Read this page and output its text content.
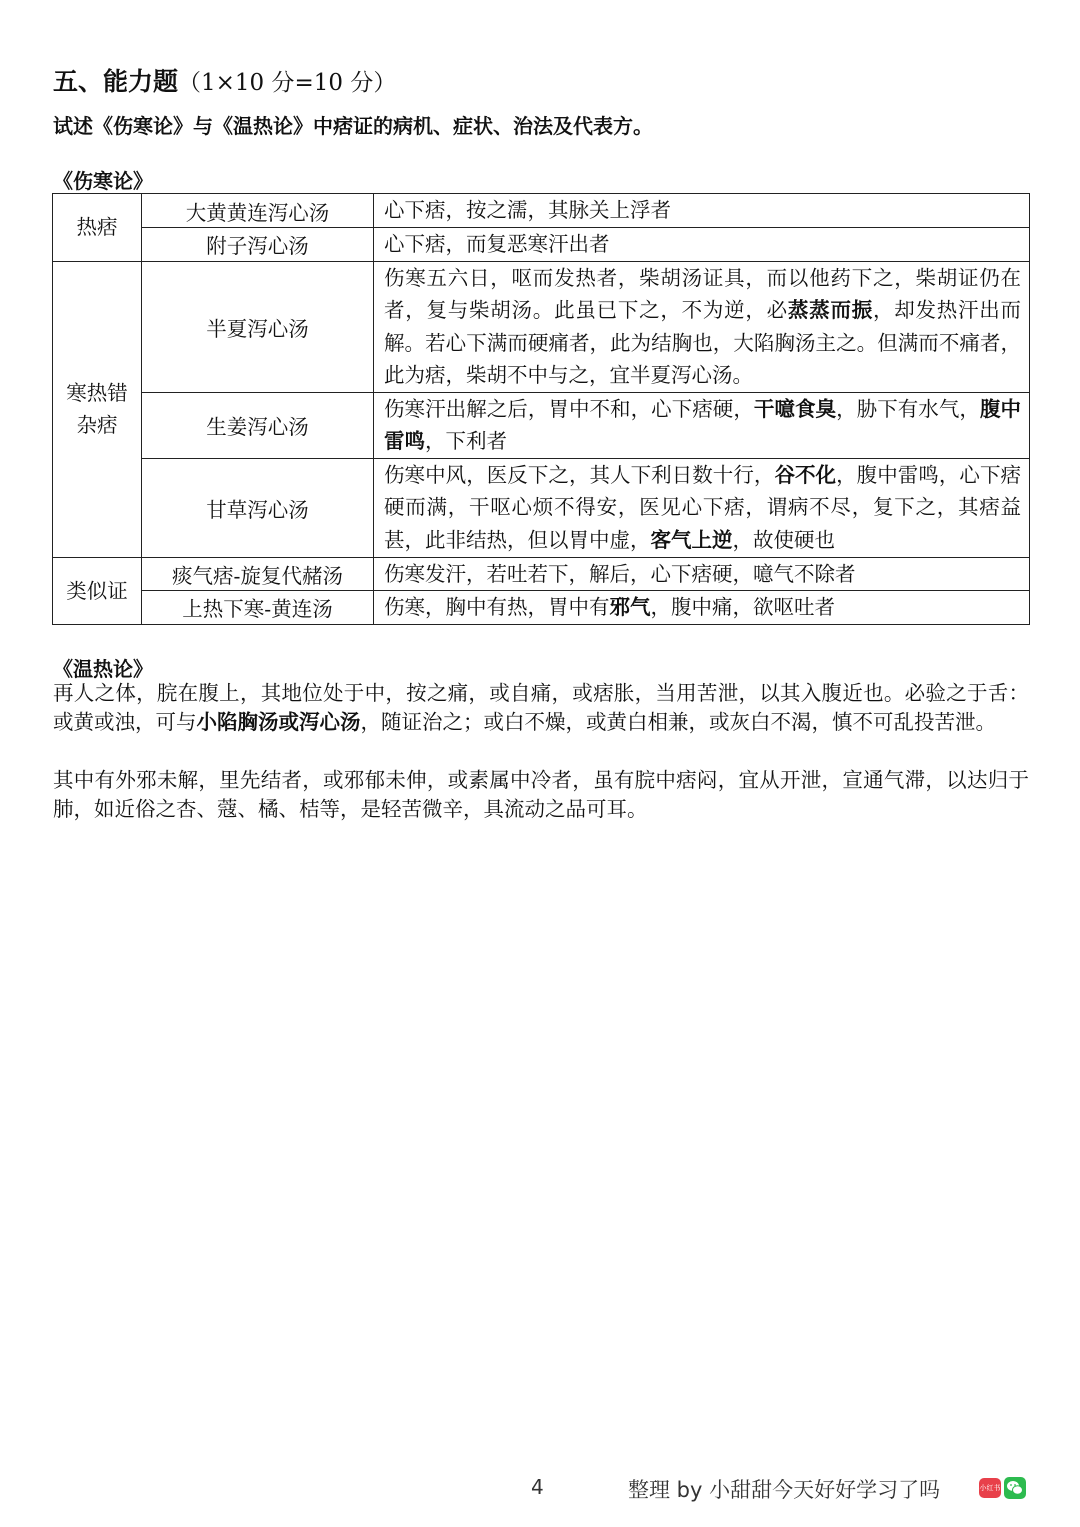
五、能力题（1×10 分=10 分）
试述《伤寒论》与《温热论》中痞证的病机、症状、治法及代表方。
《伤寒论》
热痞	大黄黄连泻心汤	心下痞，按之濡，其脉关上浮者
	附子泻心汤	心下痞，而复恶寒汗出者
寒热错杂痞	半夏泻心汤	伤寒五六日，呕而发热者，柴胡汤证具，而以他药下之，柴胡证仍在者，复与柴胡汤。此虽已下之，不为逆，必蒸蒸而振，却发热汗出而解。若心下满而硬痛者，此为结胸也，大陷胸汤主之。但满而不痛者，此为痞，柴胡不中与之，宜半夏泻心汤。
	生姜泻心汤	伤寒汗出解之后，胃中不和，心下痞硬，干噫食臭，胁下有水气，腹中雷鸣，下利者
	甘草泻心汤	伤寒中风，医反下之，其人下利日数十行，谷不化，腹中雷鸣，心下痞硬而满，干呕心烦不得安，医见心下痞，谓病不尽，复下之，其痞益甚，此非结热，但以胃中虚，客气上逆，故使硬也
类似证	痰气痞-旋复代赭汤	伤寒发汗，若吐若下，解后，心下痞硬，噫气不除者
	上热下寒-黄连汤	伤寒，胸中有热，胃中有邪气，腹中痛，欲呕吐者
《温热论》
再人之体，脘在腹上，其地位处于中，按之痛，或自痛，或痞胀，当用苦泄，以其入腹近也。必验之于舌：或黄或浊，可与小陷胸汤或泻心汤，随证治之；或白不燥，或黄白相兼，或灰白不渴，慎不可乱投苦泄。
其中有外邪未解，里先结者，或邪郁未伸，或素属中冷者，虽有脘中痞闷，宜从开泄，宣通气滞，以达归于肺，如近俗之杏、蔻、橘、桔等，是轻苦微辛，具流动之品可耳。
4	整理 by 小甜甜今天好好学习了吗	小红书
